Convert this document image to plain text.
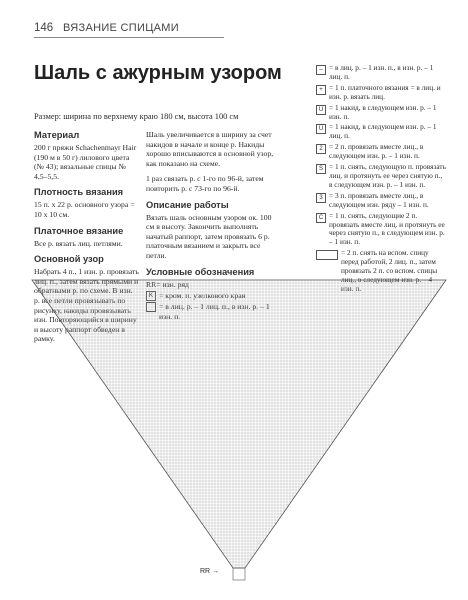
146 ВЯЗАНИЕ СПИЦАМИ
Шаль с ажурным узором
Размер: ширина по верхнему краю 180 см, высота 100 см
Материал

200 г пряжи Schachenmayr Hair (190 м в 50 г) лилового цвета (№ 43); вязальные спицы № 4,5–5,5.

Плотность вязания

15 п. х 22 р. основного узора = 10 х 10 см.

Платочное вязание

Все р. вязать лиц. петлями.

Основной узор

Набрать 4 п., 1 изн. р. провязать лиц. п., затем вязать прямыми и обратными р. по схеме. В изн. р. все петли провязывать по рисунку, накиды провязывать изн. Повторяющийся в ширину и высоту раппорт обведен в рамку.

Шаль увеличивается в ширину за счет накидов в начале и конце р. Накиды хорошо вписываются в основной узор, как показано на схеме.

1 раз связать р. с 1-го по 96-й, затем повторить р. с 73-го по 96-й.

Описание работы

Вязать шаль основным узором ок. 100 см в высоту. Закончить выполнять начатый раппорт, затем провязать 6 р. платочным вязанием и закрыть все петли.

Условные обозначения

RR= изн. ряд

K = кром. п. узелкового края
= в лиц. р. – 1 лиц. п., в изн. р. – 1 изн. п.
– = в лиц. р. – 1 изн. п., в изн. р. – 1 лиц. п.
+ = 1 п. платочного вязания = в лиц. и изн. р. вязать лиц.
U = 1 накид, в следующем изн. р. – 1 изн. п.
Ü = 1 накид, в следующем изн. р. – 1 лиц. п.
2 = 2 п. провязать вместе лиц., в следующем изн. р. – 1 изн. п.
S = 1 п. снять, следующую п. провязать лиц. и протянуть ее через снятую п., в следующем изн. р. – 1 изн. п.
3 = 3 п. провязать вместе лиц., в следующем изн. ряду – 1 изн. п.
C = 1 п. снять, следующие 2 п. провязать вместе лиц. и протянуть ее через снятую п., в следующем изн. р. – 1 изн. п.
= 2 п. снять на вспом. спицу перед работой, 2 лиц. п., затем провязать 2 п. со вспом. спицы лиц., в следующем изн. р. – 4 изн. п.
RR →
